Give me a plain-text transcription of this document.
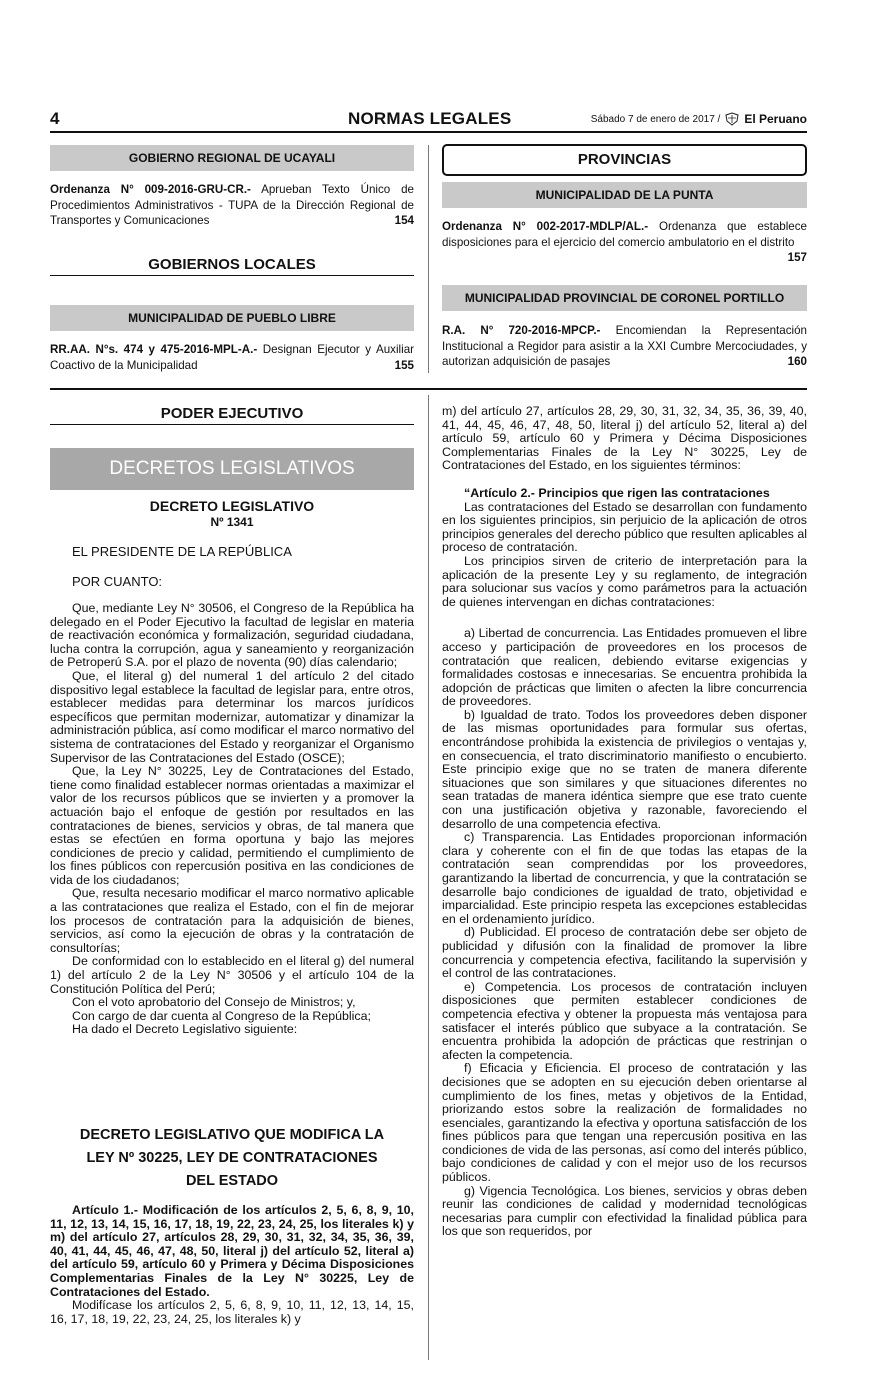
4	NORMAS LEGALES	Sábado 7 de enero de 2017 / El Peruano
GOBIERNO REGIONAL DE UCAYALI
Ordenanza N° 009-2016-GRU-CR.- Aprueban Texto Único de Procedimientos Administrativos - TUPA de la Dirección Regional de Transportes y Comunicaciones	154
GOBIERNOS LOCALES
MUNICIPALIDAD DE PUEBLO LIBRE
RR.AA. N°s. 474 y 475-2016-MPL-A.- Designan Ejecutor y Auxiliar Coactivo de la Municipalidad	155
PROVINCIAS
MUNICIPALIDAD DE LA PUNTA
Ordenanza N° 002-2017-MDLP/AL.- Ordenanza que establece disposiciones para el ejercicio del comercio ambulatorio en el distrito
157
MUNICIPALIDAD PROVINCIAL DE CORONEL PORTILLO
R.A. N° 720-2016-MPCP.- Encomiendan la Representación Institucional a Regidor para asistir a la XXI Cumbre Mercociudades, y autorizan adquisición de pasajes	160
PODER EJECUTIVO
DECRETOS LEGISLATIVOS
DECRETO LEGISLATIVO
Nº 1341
EL PRESIDENTE DE LA REPÚBLICA
POR CUANTO:

Que, mediante Ley N° 30506, el Congreso de la República ha delegado en el Poder Ejecutivo la facultad de legislar en materia de reactivación económica y formalización, seguridad ciudadana, lucha contra la corrupción, agua y saneamiento y reorganización de Petroperú S.A. por el plazo de noventa (90) días calendario;

Que, el literal g) del numeral 1 del artículo 2 del citado dispositivo legal establece la facultad de legislar para, entre otros, establecer medidas para determinar los marcos jurídicos específicos que permitan modernizar, automatizar y dinamizar la administración pública, así como modificar el marco normativo del sistema de contrataciones del Estado y reorganizar el Organismo Supervisor de las Contrataciones del Estado (OSCE);

Que, la Ley N° 30225, Ley de Contrataciones del Estado, tiene como finalidad establecer normas orientadas a maximizar el valor de los recursos públicos que se invierten y a promover la actuación bajo el enfoque de gestión por resultados en las contrataciones de bienes, servicios y obras, de tal manera que estas se efectúen en forma oportuna y bajo las mejores condiciones de precio y calidad, permitiendo el cumplimiento de los fines públicos con repercusión positiva en las condiciones de vida de los ciudadanos;

Que, resulta necesario modificar el marco normativo aplicable a las contrataciones que realiza el Estado, con el fin de mejorar los procesos de contratación para la adquisición de bienes, servicios, así como la ejecución de obras y la contratación de consultorías;

De conformidad con lo establecido en el literal g) del numeral 1) del artículo 2 de la Ley N° 30506 y el artículo 104 de la Constitución Política del Perú;

Con el voto aprobatorio del Consejo de Ministros; y,

Con cargo de dar cuenta al Congreso de la República;

Ha dado el Decreto Legislativo siguiente:

DECRETO LEGISLATIVO QUE MODIFICA LA
LEY Nº 30225, LEY DE CONTRATACIONES
DEL ESTADO

Artículo 1.- Modificación de los artículos 2, 5, 6, 8, 9, 10, 11, 12, 13, 14, 15, 16, 17, 18, 19, 22, 23, 24, 25, los literales k) y m) del artículo 27, artículos 28, 29, 30, 31, 32, 34, 35, 36, 39, 40, 41, 44, 45, 46, 47, 48, 50, literal j) del artículo 52, literal a) del artículo 59, artículo 60 y Primera y Décima Disposiciones Complementarias Finales de la Ley N° 30225, Ley de Contrataciones del Estado.

Modifícase los artículos 2, 5, 6, 8, 9, 10, 11, 12, 13, 14, 15, 16, 17, 18, 19, 22, 23, 24, 25, los literales k) y

m) del artículo 27, artículos 28, 29, 30, 31, 32, 34, 35, 36, 39, 40, 41, 44, 45, 46, 47, 48, 50, literal j) del artículo 52, literal a) del artículo 59, artículo 60 y Primera y Décima Disposiciones Complementarias Finales de la Ley N° 30225, Ley de Contrataciones del Estado, en los siguientes términos:

“Artículo 2.- Principios que rigen las contrataciones

Las contrataciones del Estado se desarrollan con fundamento en los siguientes principios, sin perjuicio de la aplicación de otros principios generales del derecho público que resulten aplicables al proceso de contratación.

Los principios sirven de criterio de interpretación para la aplicación de la presente Ley y su reglamento, de integración para solucionar sus vacíos y como parámetros para la actuación de quienes intervengan en dichas contrataciones:

a) Libertad de concurrencia. Las Entidades promueven el libre acceso y participación de proveedores en los procesos de contratación que realicen, debiendo evitarse exigencias y formalidades costosas e innecesarias. Se encuentra prohibida la adopción de prácticas que limiten o afecten la libre concurrencia de proveedores.

b) Igualdad de trato. Todos los proveedores deben disponer de las mismas oportunidades para formular sus ofertas, encontrándose prohibida la existencia de privilegios o ventajas y, en consecuencia, el trato discriminatorio manifiesto o encubierto. Este principio exige que no se traten de manera diferente situaciones que son similares y que situaciones diferentes no sean tratadas de manera idéntica siempre que ese trato cuente con una justificación objetiva y razonable, favoreciendo el desarrollo de una competencia efectiva.

c) Transparencia. Las Entidades proporcionan información clara y coherente con el fin de que todas las etapas de la contratación sean comprendidas por los proveedores, garantizando la libertad de concurrencia, y que la contratación se desarrolle bajo condiciones de igualdad de trato, objetividad e imparcialidad. Este principio respeta las excepciones establecidas en el ordenamiento jurídico.

d) Publicidad. El proceso de contratación debe ser objeto de publicidad y difusión con la finalidad de promover la libre concurrencia y competencia efectiva, facilitando la supervisión y el control de las contrataciones.

e) Competencia. Los procesos de contratación incluyen disposiciones que permiten establecer condiciones de competencia efectiva y obtener la propuesta más ventajosa para satisfacer el interés público que subyace a la contratación. Se encuentra prohibida la adopción de prácticas que restrinjan o afecten la competencia.

f) Eficacia y Eficiencia. El proceso de contratación y las decisiones que se adopten en su ejecución deben orientarse al cumplimiento de los fines, metas y objetivos de la Entidad, priorizando estos sobre la realización de formalidades no esenciales, garantizando la efectiva y oportuna satisfacción de los fines públicos para que tengan una repercusión positiva en las condiciones de vida de las personas, así como del interés público, bajo condiciones de calidad y con el mejor uso de los recursos públicos.

g) Vigencia Tecnológica. Los bienes, servicios y obras deben reunir las condiciones de calidad y modernidad tecnológicas necesarias para cumplir con efectividad la finalidad pública para los que son requeridos, por
